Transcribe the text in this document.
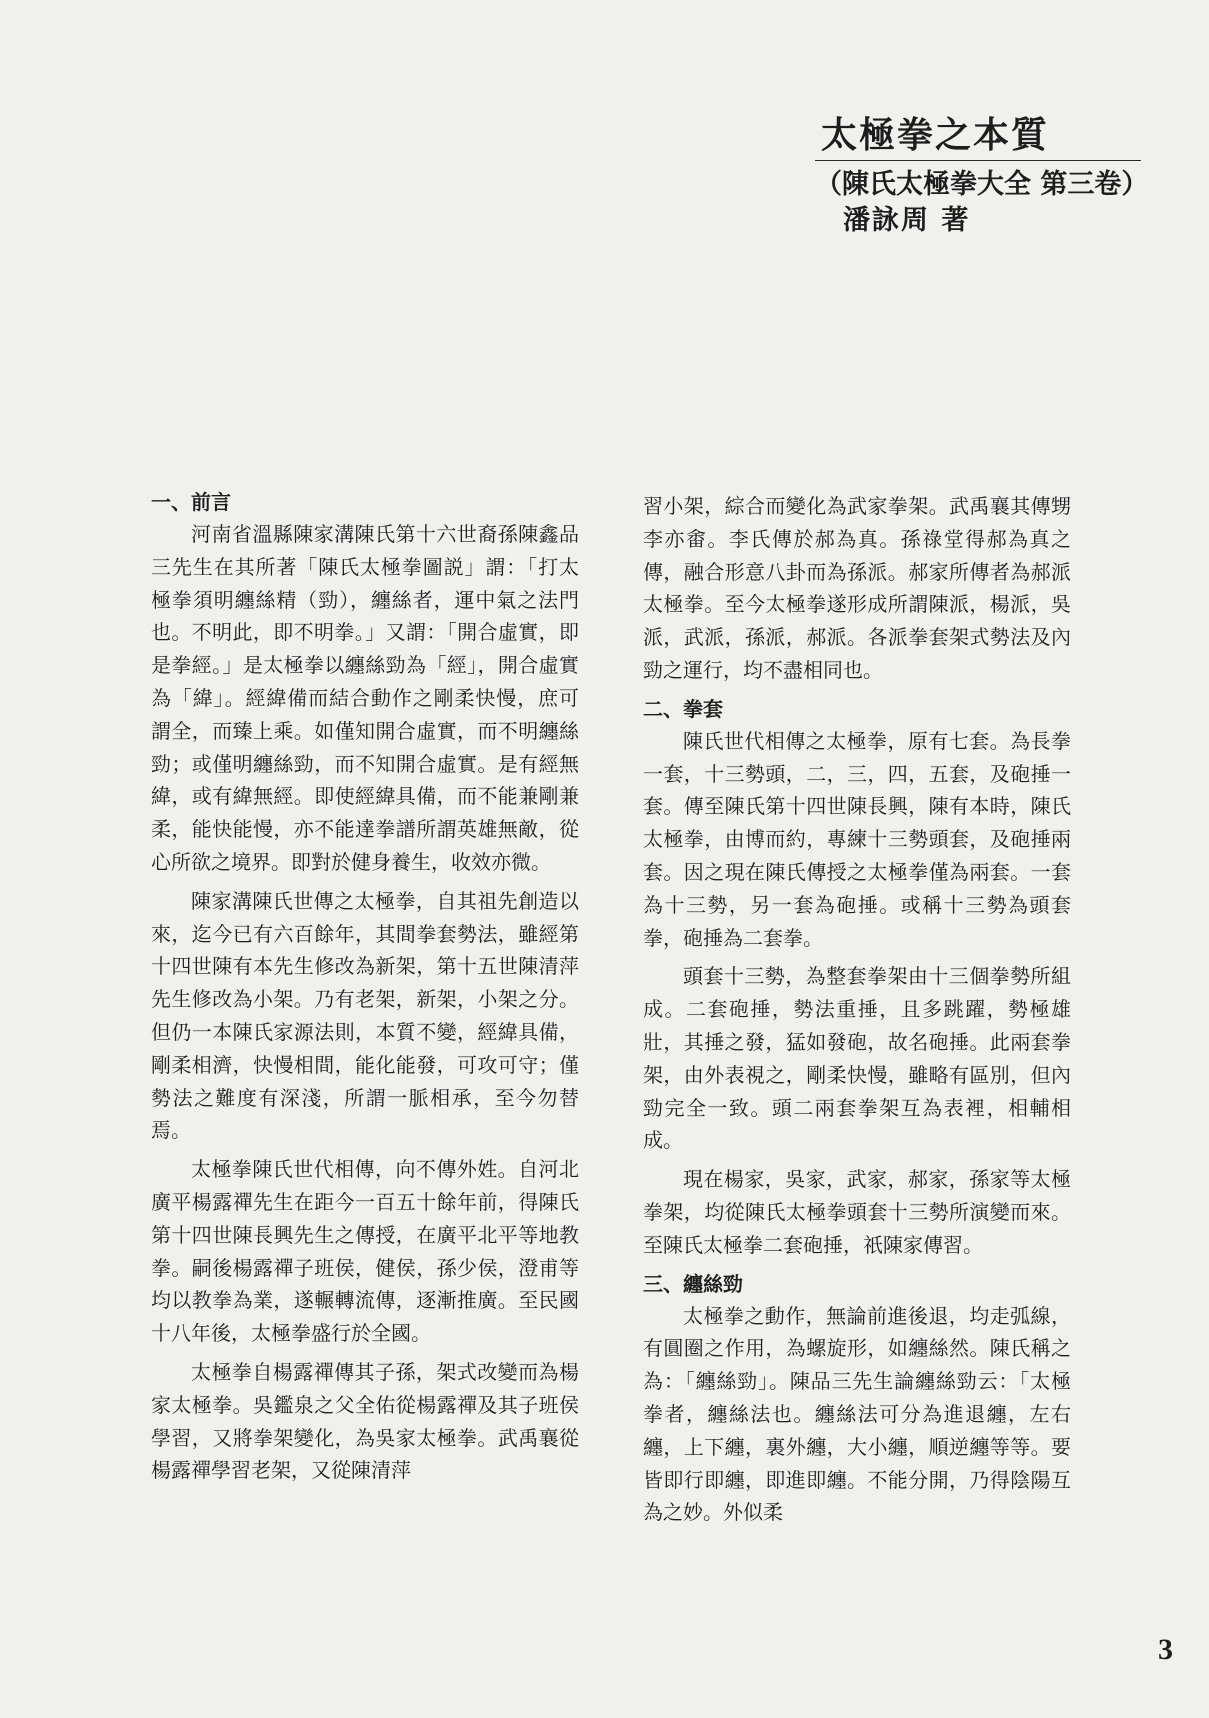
太極拳之本質
（陳氏太極拳大全 第三卷）
潘詠周 著
一、前言

河南省溫縣陳家溝陳氏第十六世裔孫陳鑫品三先生在其所著「陳氏太極拳圖説」謂：「打太極拳須明纏絲精（勁），纏絲者，運中氣之法門也。不明此，即不明拳。」又謂：「開合虛實，即是拳經。」是太極拳以纏絲勁為「經」，開合虛實為「緯」。經緯備而結合動作之剛柔快慢，庶可謂全，而臻上乘。如僅知開合虛實，而不明纏絲勁；或僅明纏絲勁，而不知開合虛實。是有經無緯，或有緯無經。即使經緯具備，而不能兼剛兼柔，能快能慢，亦不能達拳譜所謂英雄無敵，從心所欲之境界。即對於健身養生，收效亦微。

陳家溝陳氏世傳之太極拳，自其祖先創造以來，迄今已有六百餘年，其間拳套勢法，雖經第十四世陳有本先生修改為新架，第十五世陳清萍先生修改為小架。乃有老架，新架，小架之分。但仍一本陳氏家源法則，本質不變，經緯具備，剛柔相濟，快慢相間，能化能發，可攻可守；僅勢法之難度有深淺，所謂一脈相承，至今勿替焉。

太極拳陳氏世代相傳，向不傳外姓。自河北廣平楊露禪先生在距今一百五十餘年前，得陳氏第十四世陳長興先生之傳授，在廣平北平等地教拳。嗣後楊露禪子班侯，健侯，孫少侯，澄甫等均以教拳為業，遂輾轉流傳，逐漸推廣。至民國十八年後，太極拳盛行於全國。

太極拳自楊露禪傳其子孫，架式改變而為楊家太極拳。吳鑑泉之父全佑從楊露禪及其子班侯學習，又將拳架變化，為吳家太極拳。武禹襄從楊露禪學習老架，又從陳清萍

習小架，綜合而變化為武家拳架。武禹襄其傳甥李亦畬。李氏傳於郝為真。孫祿堂得郝為真之傳，融合形意八卦而為孫派。郝家所傳者為郝派太極拳。至今太極拳遂形成所謂陳派，楊派，吳派，武派，孫派，郝派。各派拳套架式勢法及內勁之運行，均不盡相同也。

二、拳套

陳氏世代相傳之太極拳，原有七套。為長拳一套，十三勢頭，二，三，四，五套，及砲捶一套。傳至陳氏第十四世陳長興，陳有本時，陳氏太極拳，由博而約，專練十三勢頭套，及砲捶兩套。因之現在陳氏傳授之太極拳僅為兩套。一套為十三勢，另一套為砲捶。或稱十三勢為頭套拳，砲捶為二套拳。

頭套十三勢，為整套拳架由十三個拳勢所組成。二套砲捶，勢法重捶，且多跳躍，勢極雄壯，其捶之發，猛如發砲，故名砲捶。此兩套拳架，由外表視之，剛柔快慢，雖略有區別，但內勁完全一致。頭二兩套拳架互為表裡，相輔相成。

現在楊家，吳家，武家，郝家，孫家等太極拳架，均從陳氏太極拳頭套十三勢所演變而來。至陳氏太極拳二套砲捶，祇陳家傳習。

三、纏絲勁

太極拳之動作，無論前進後退，均走弧線，有圓圈之作用，為螺旋形，如纏絲然。陳氏稱之為：「纏絲勁」。陳品三先生論纏絲勁云：「太極拳者，纏絲法也。纏絲法可分為進退纏，左右纏，上下纏，裏外纏，大小纏，順逆纏等等。要皆即行即纏，即進即纏。不能分開，乃得陰陽互為之妙。外似柔

3
